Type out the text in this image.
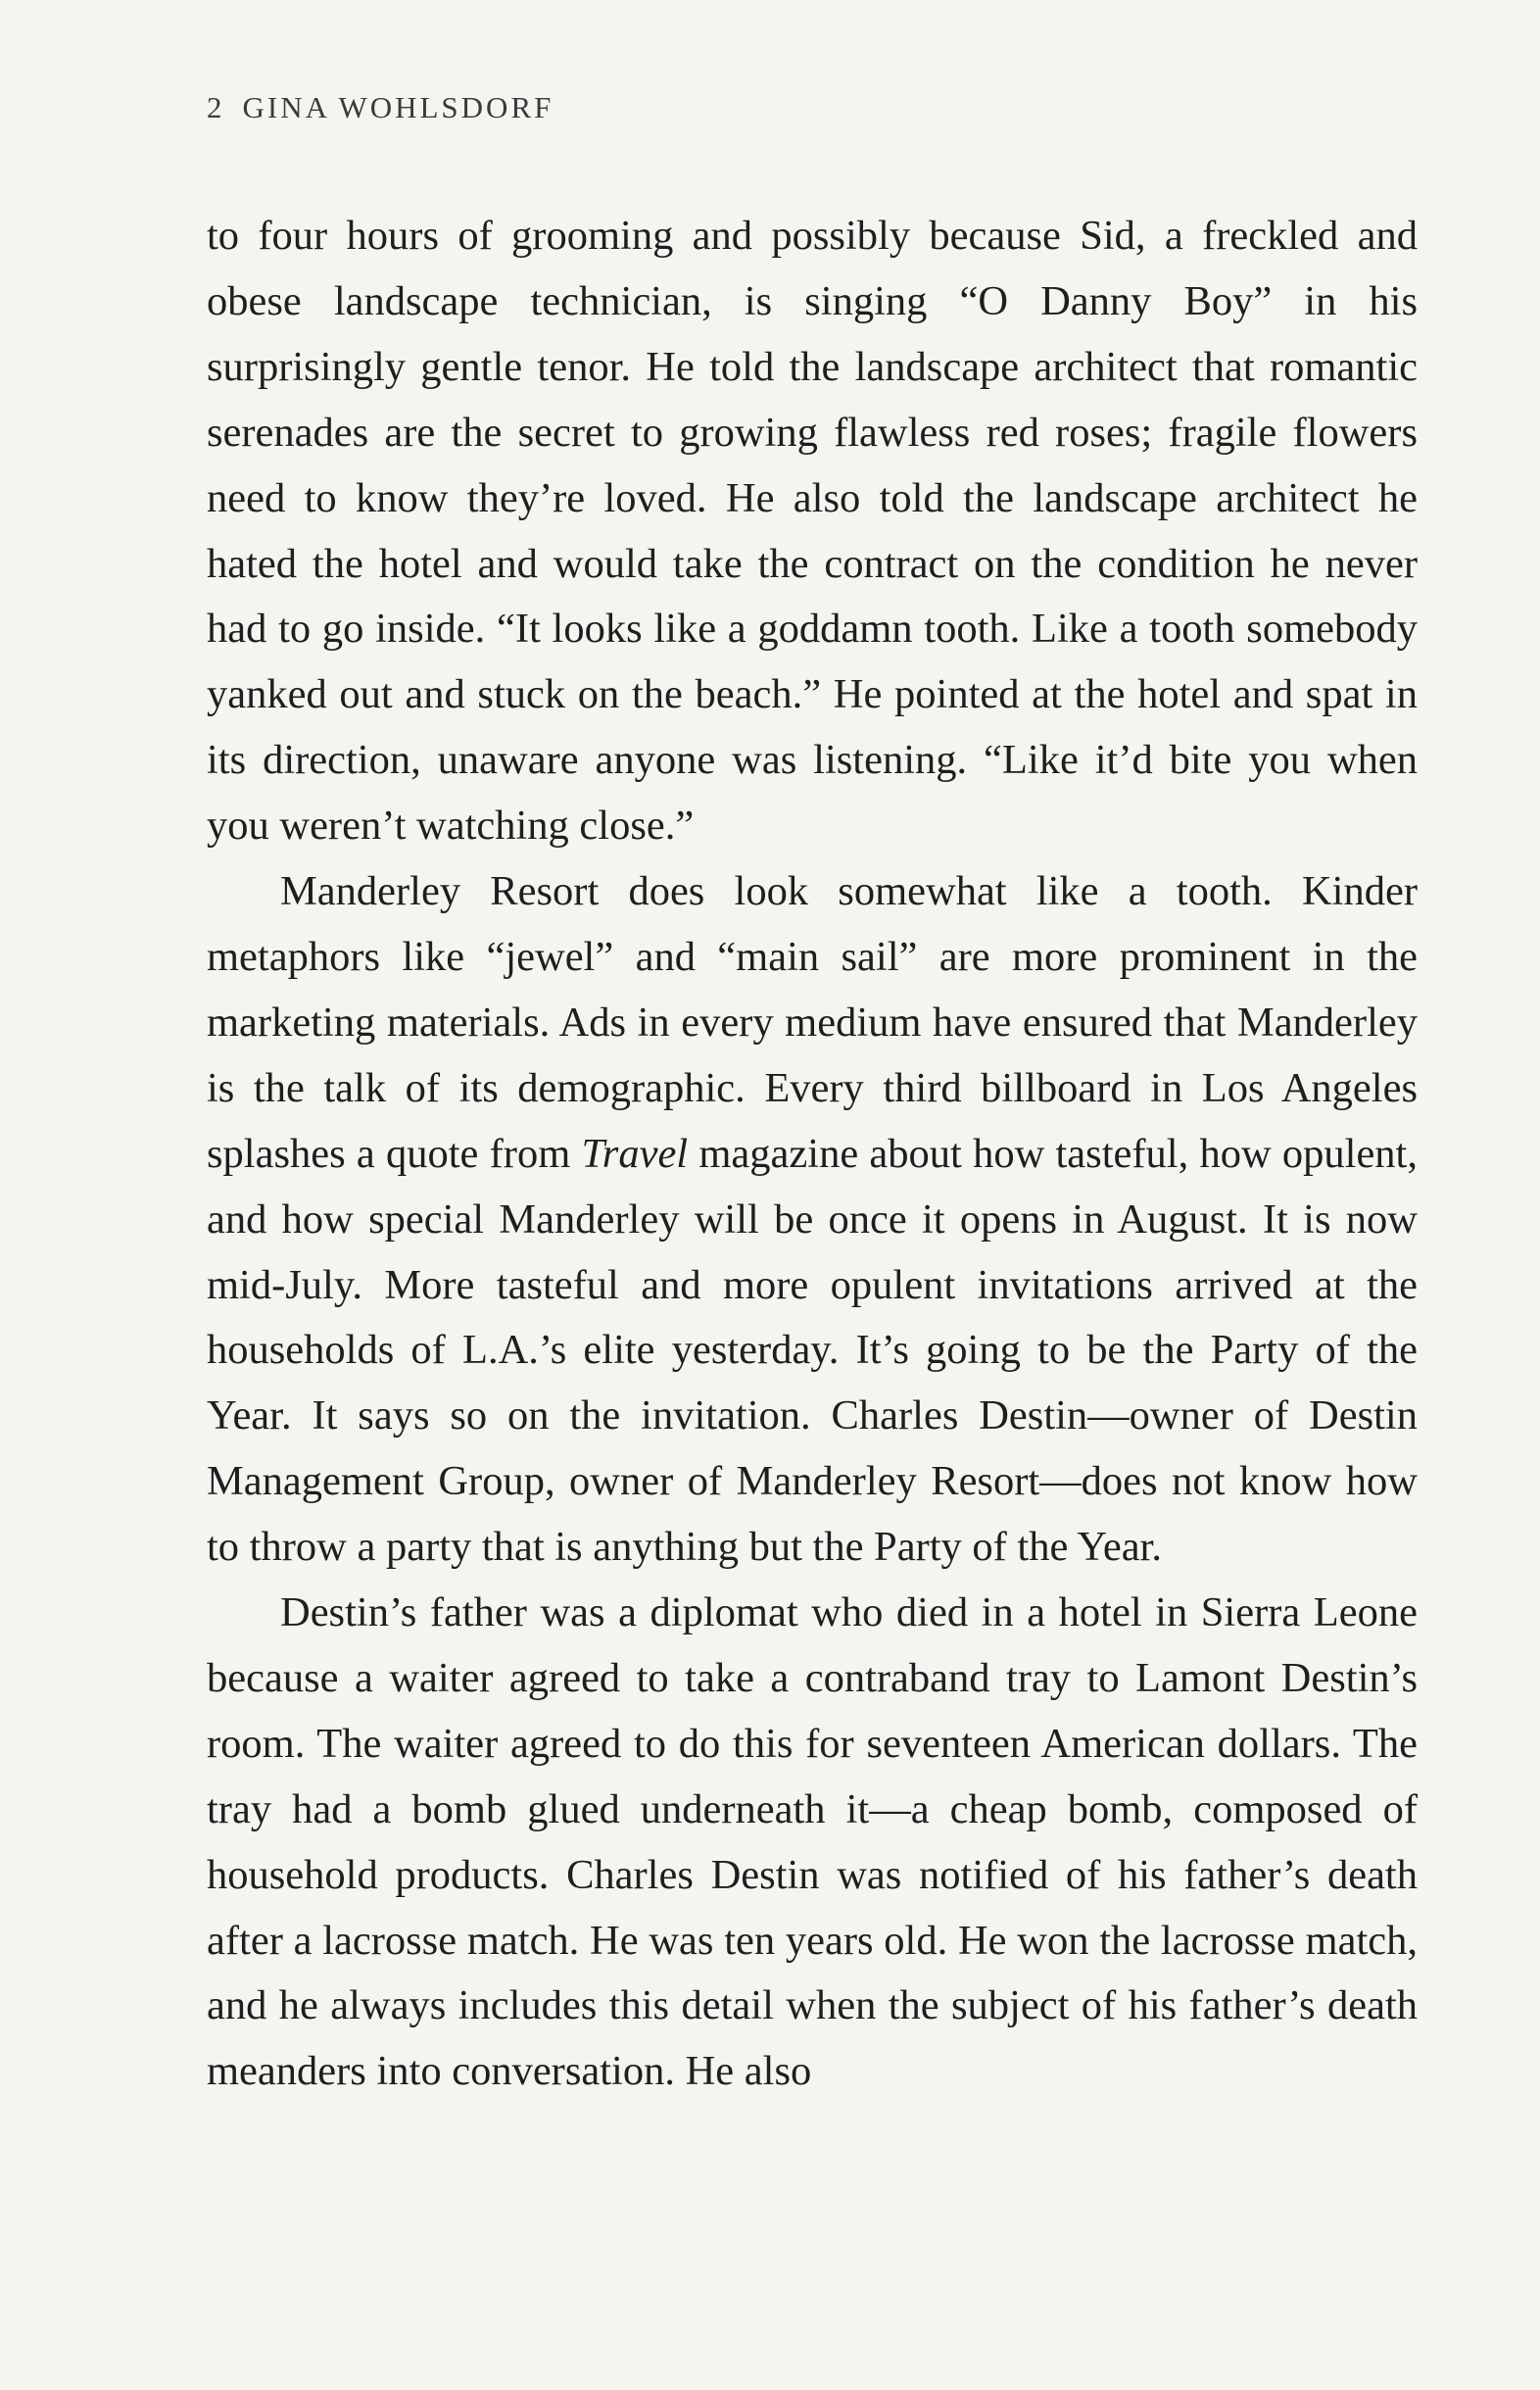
2 GINA WOHLSDORF

to four hours of grooming and possibly because Sid, a freckled and obese landscape technician, is singing “O Danny Boy” in his surprisingly gentle tenor. He told the landscape architect that romantic serenades are the secret to growing flawless red roses; fragile flowers need to know they’re loved. He also told the landscape architect he hated the hotel and would take the contract on the condition he never had to go inside. “It looks like a goddamn tooth. Like a tooth somebody yanked out and stuck on the beach.” He pointed at the hotel and spat in its direction, unaware anyone was listening. “Like it’d bite you when you weren’t watching close.”

Manderley Resort does look somewhat like a tooth. Kinder metaphors like “jewel” and “main sail” are more prominent in the marketing materials. Ads in every medium have ensured that Manderley is the talk of its demographic. Every third billboard in Los Angeles splashes a quote from Travel magazine about how tasteful, how opulent, and how special Manderley will be once it opens in August. It is now mid-July. More tasteful and more opulent invitations arrived at the households of L.A.’s elite yesterday. It’s going to be the Party of the Year. It says so on the invitation. Charles Destin—owner of Destin Management Group, owner of Manderley Resort—does not know how to throw a party that is anything but the Party of the Year.

Destin’s father was a diplomat who died in a hotel in Sierra Leone because a waiter agreed to take a contraband tray to Lamont Destin’s room. The waiter agreed to do this for seventeen American dollars. The tray had a bomb glued underneath it—a cheap bomb, composed of household products. Charles Destin was notified of his father’s death after a lacrosse match. He was ten years old. He won the lacrosse match, and he always includes this detail when the subject of his father’s death meanders into conversation. He also
